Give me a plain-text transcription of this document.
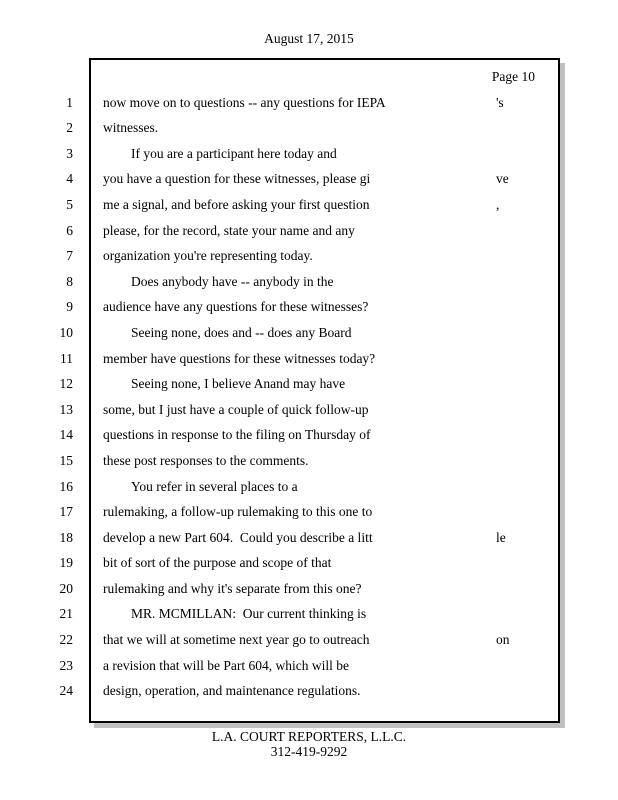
August 17, 2015
Page 10
1	now move on to questions -- any questions for IEPA	's
2	witnesses.
3	If you are a participant here today and
4	you have a question for these witnesses, please gi	ve
5	me a signal, and before asking your first question	,
6	please, for the record, state your name and any
7	organization you're representing today.
8	Does anybody have -- anybody in the
9	audience have any questions for these witnesses?
10	Seeing none, does and -- does any Board
11	member have questions for these witnesses today?
12	Seeing none, I believe Anand may have
13	some, but I just have a couple of quick follow-up
14	questions in response to the filing on Thursday of
15	these post responses to the comments.
16	You refer in several places to a
17	rulemaking, a follow-up rulemaking to this one to
18	develop a new Part 604.  Could you describe a litt	le
19	bit of sort of the purpose and scope of that
20	rulemaking and why it's separate from this one?
21	MR. MCMILLAN:  Our current thinking is
22	that we will at sometime next year go to outreach	on
23	a revision that will be Part 604, which will be
24	design, operation, and maintenance regulations.
L.A. COURT REPORTERS, L.L.C.
312-419-9292
